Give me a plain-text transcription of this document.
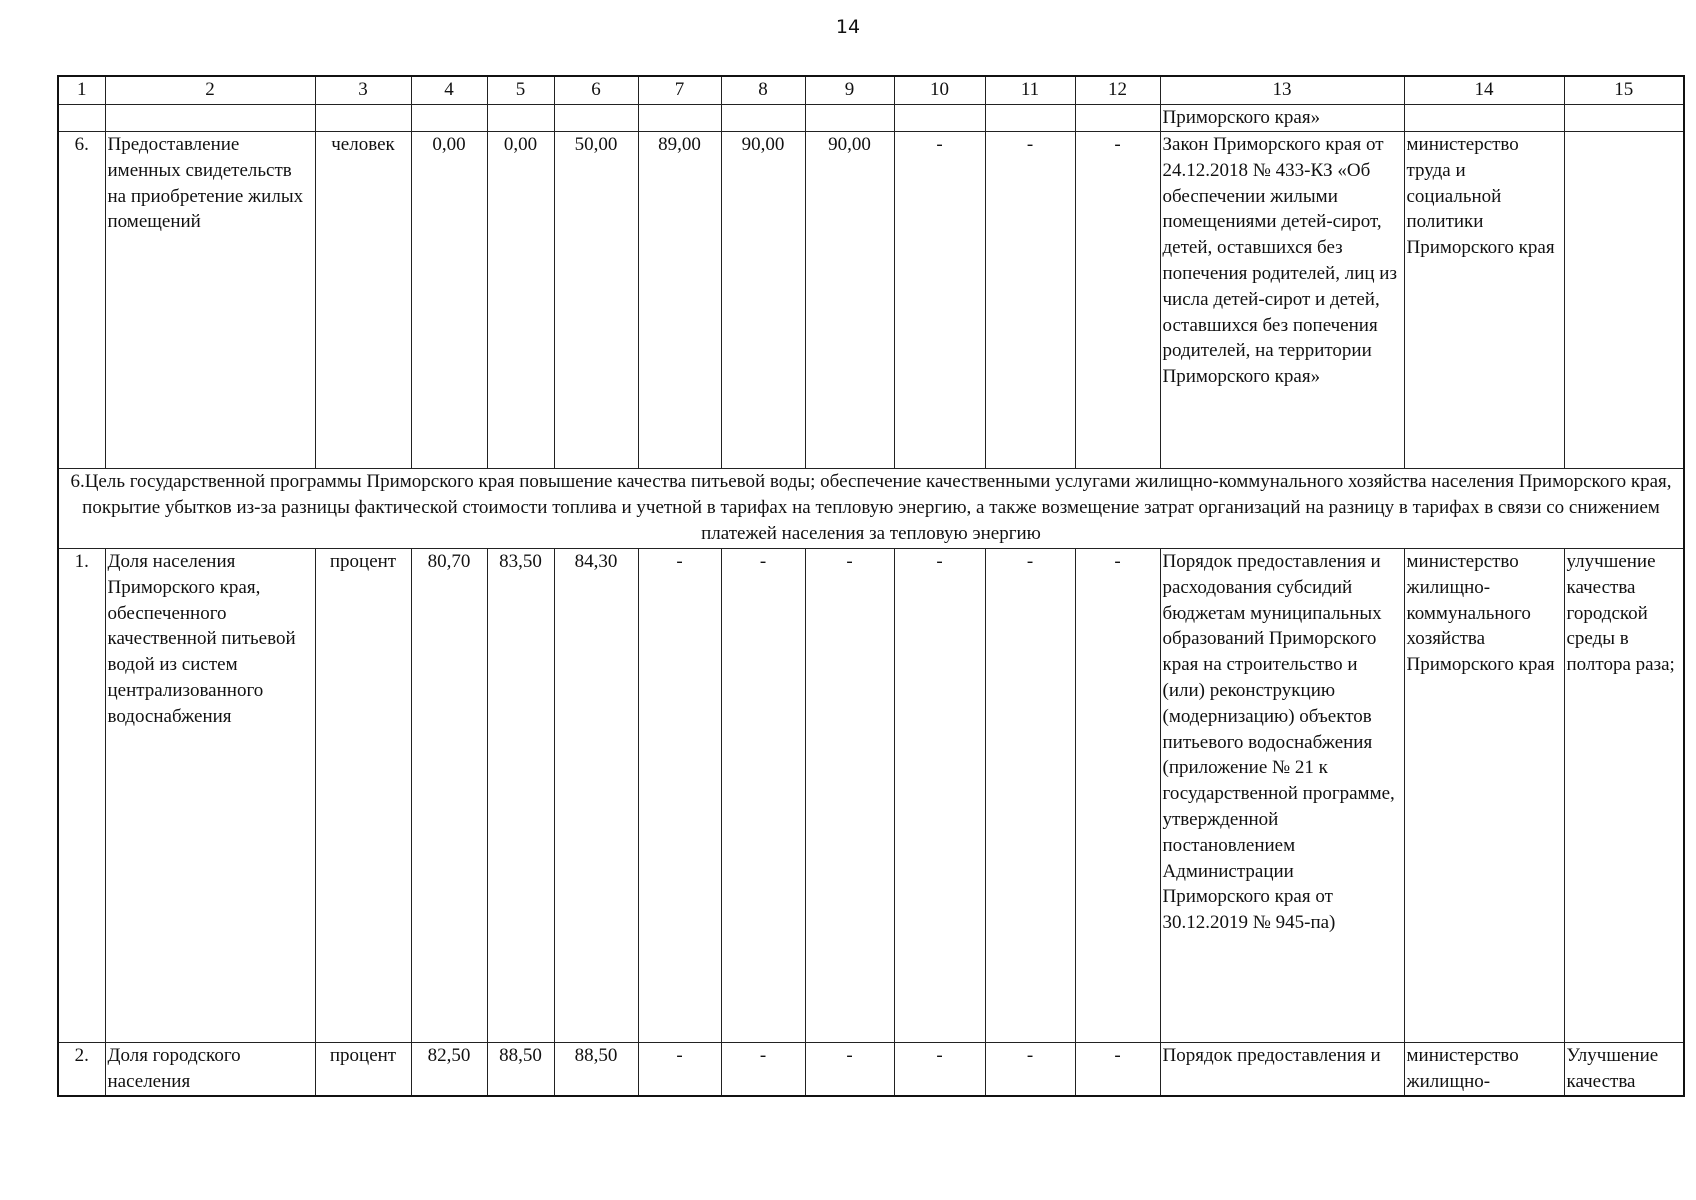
14
1	2	3	4	5	6	7	8	9	10	11	12	13	14	15
												Приморского края»		
6.	Предоставление именных свидетельств на приобретение жилых помещений	человек	0,00	0,00	50,00	89,00	90,00	90,00	-	-	-	Закон Приморского края от 24.12.2018 № 433-КЗ «Об обеспечении жилыми помещениями детей-сирот, детей, оставшихся без попечения родителей, лиц из числа детей-сирот и детей, оставшихся без попечения родителей, на территории Приморского края»	министерство труда и социальной политики Приморского края	
6.Цель государственной программы Приморского края повышение качества питьевой воды; обеспечение качественными услугами жилищно-коммунального хозяйства населения Приморского края, покрытие убытков из-за разницы фактической стоимости топлива и учетной в тарифах на тепловую энергию, а также возмещение затрат организаций на разницу в тарифах в связи со снижением платежей населения за тепловую энергию														
1.	Доля населения Приморского края, обеспеченного качественной питьевой водой из систем централизованного водоснабжения	процент	80,70	83,50	84,30	-	-	-	-	-	-	Порядок предоставления и расходования субсидий бюджетам муниципальных образований Приморского края на строительство и (или) реконструкцию (модернизацию) объектов питьевого водоснабжения (приложение № 21 к государственной программе, утвержденной постановлением Администрации Приморского края от 30.12.2019 № 945-па)	министерство жилищно-коммунального хозяйства Приморского края	улучшение качества городской среды в полтора раза;
2.	Доля городского населения	процент	82,50	88,50	88,50	-	-	-	-	-	-	Порядок предоставления и	министерство жилищно-	Улучшение качества
